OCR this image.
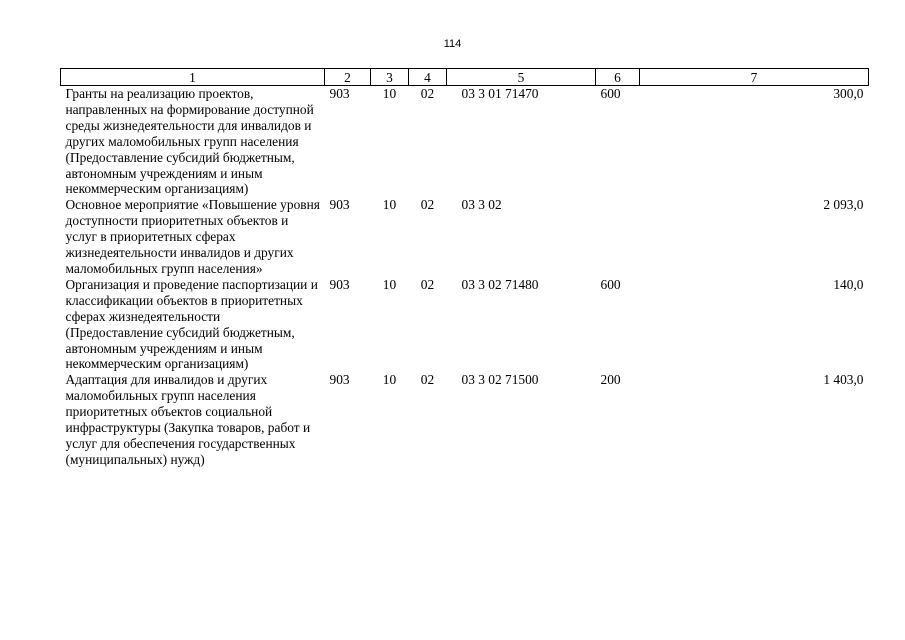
114
1	2	3	4	5	6	7
Гранты на реализацию проектов, направленных на формирование доступной среды жизнедеятельности для инвалидов и других маломобильных групп населения (Предоставление субсидий бюджетным, автономным учреждениям и иным некоммерческим организациям)	903	10	02	03 3 01 71470	600	300,0
Основное мероприятие «Повышение уровня доступности приоритетных объектов и услуг в приоритетных сферах жизнедеятельности инвалидов и других маломобильных групп населения»	903	10	02	03 3 02		2 093,0
Организация и проведение паспортизации и классификации объектов в приоритетных сферах жизнедеятельности (Предоставление субсидий бюджетным, автономным учреждениям и иным некоммерческим организациям)	903	10	02	03 3 02 71480	600	140,0
Адаптация для инвалидов и других маломобильных групп населения приоритетных объектов социальной инфраструктуры (Закупка товаров, работ и услуг для обеспечения государственных (муниципальных) нужд)	903	10	02	03 3 02 71500	200	1 403,0
